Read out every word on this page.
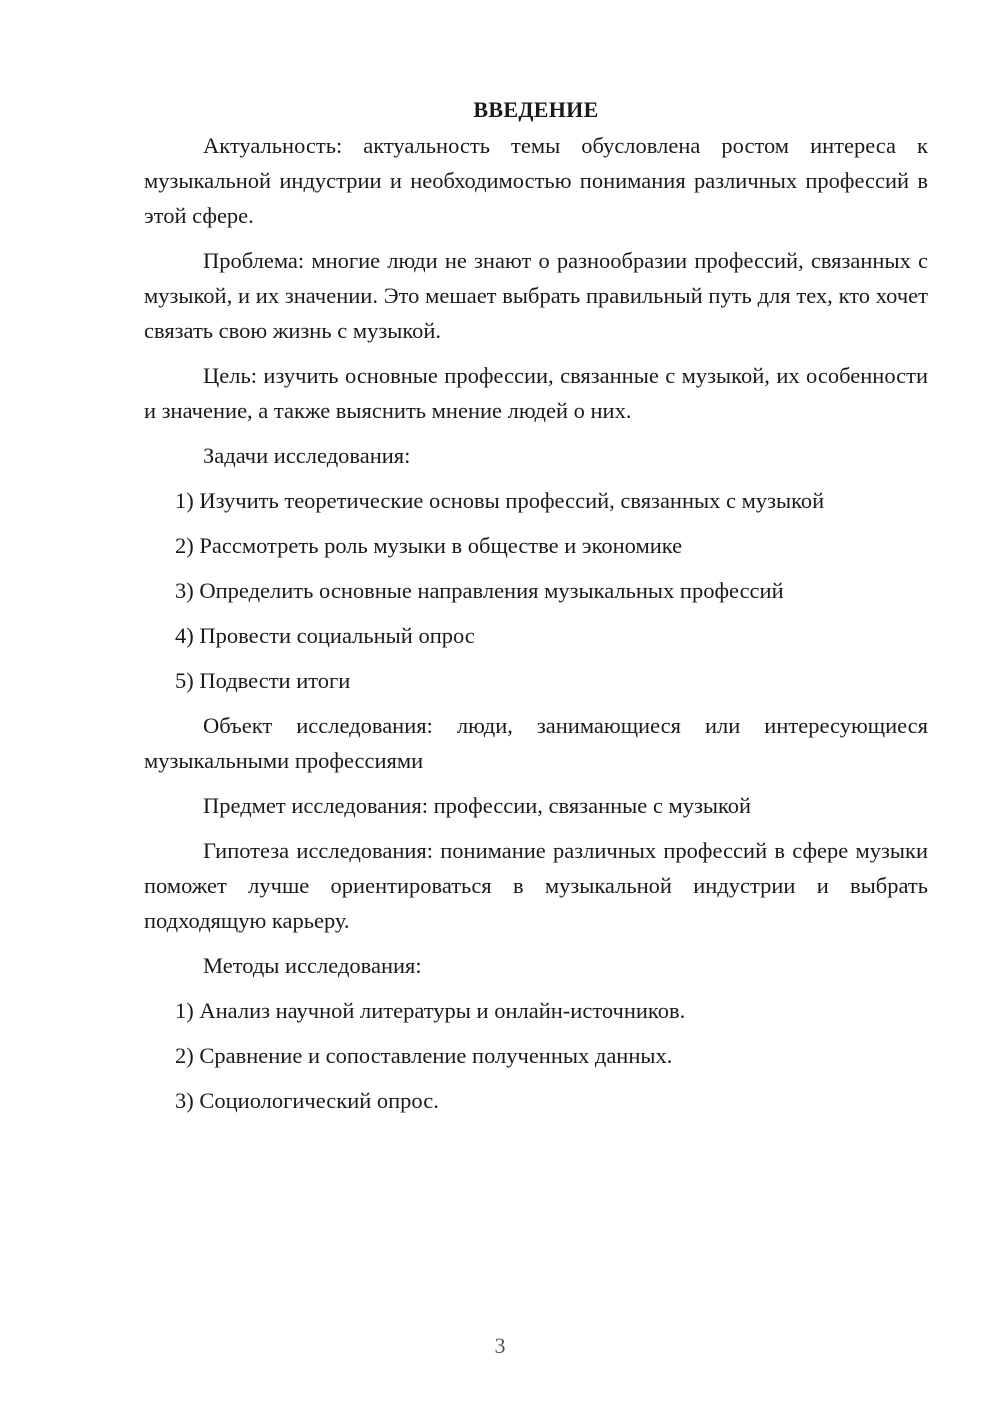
ВВЕДЕНИЕ

Актуальность: актуальность темы обусловлена ростом интереса к музыкальной индустрии и необходимостью понимания различных профессий в этой сфере.

Проблема: многие люди не знают о разнообразии профессий, связанных с музыкой, и их значении. Это мешает выбрать правильный путь для тех, кто хочет связать свою жизнь с музыкой.

Цель: изучить основные профессии, связанные с музыкой, их особенности и значение, а также выяснить мнение людей о них.

Задачи исследования:

1) Изучить теоретические основы профессий, связанных с музыкой
2) Рассмотреть роль музыки в обществе и экономике
3) Определить основные направления музыкальных профессий
4) Провести социальный опрос
5) Подвести итоги

Объект исследования: люди, занимающиеся или интересующиеся музыкальными профессиями

Предмет исследования: профессии, связанные с музыкой

Гипотеза исследования: понимание различных профессий в сфере музыки поможет лучше ориентироваться в музыкальной индустрии и выбрать подходящую карьеру.

Методы исследования:

1) Анализ научной литературы и онлайн-источников.
2) Сравнение и сопоставление полученных данных.
3) Социологический опрос.
3
